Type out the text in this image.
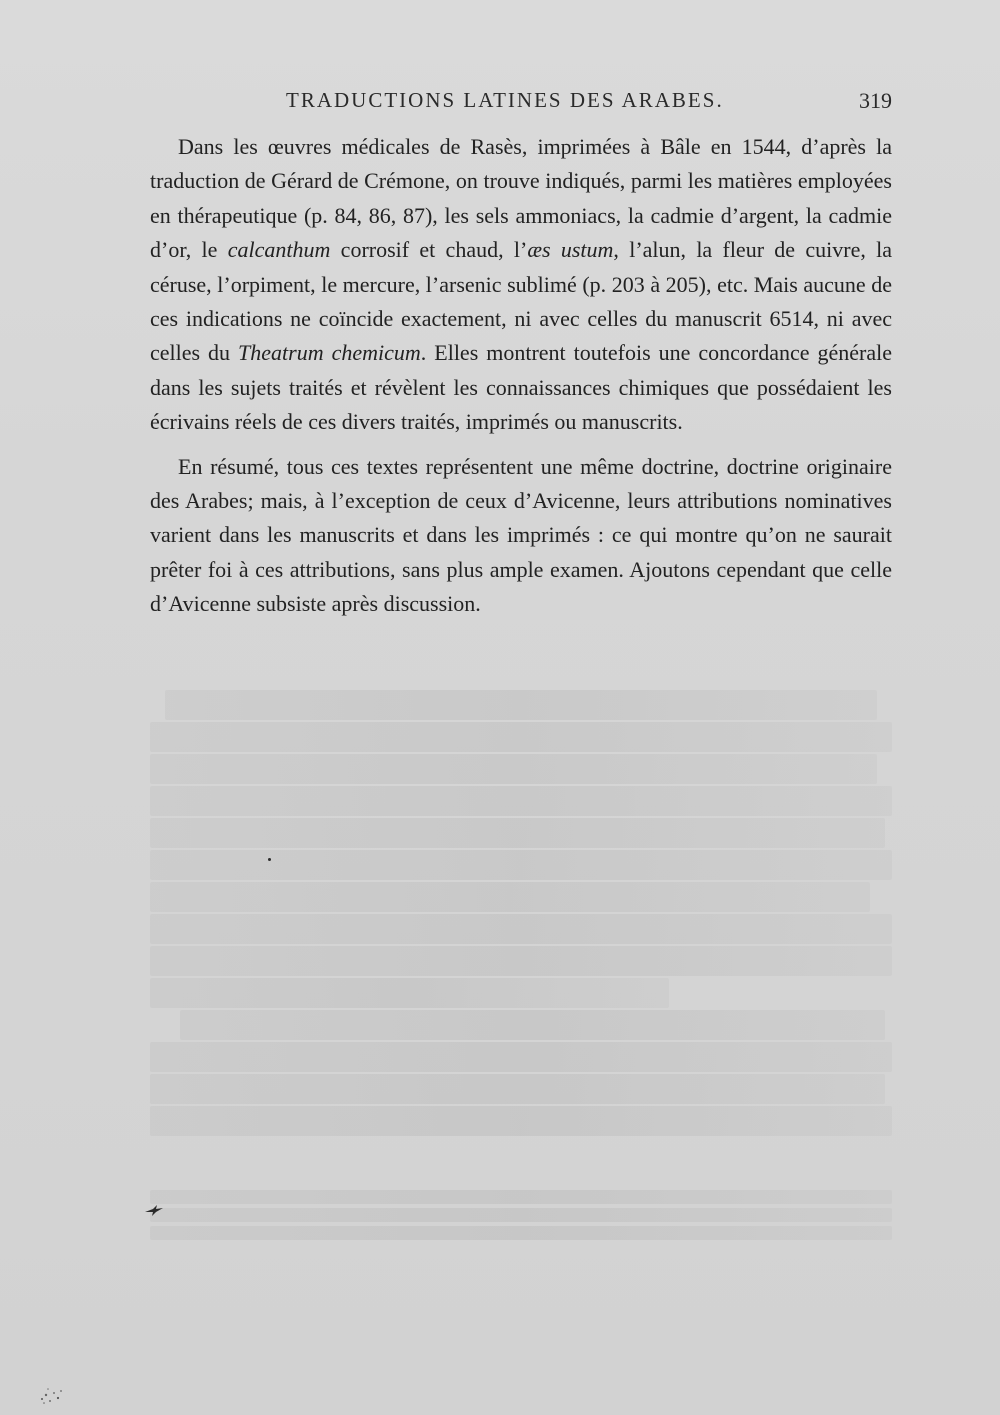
TRADUCTIONS LATINES DES ARABES.	319

Dans les œuvres médicales de Rasès, imprimées à Bâle en 1544, d’après la traduction de Gérard de Crémone, on trouve indiqués, parmi les matières employées en thérapeutique (p. 84, 86, 87), les sels ammoniacs, la cadmie d’argent, la cadmie d’or, le calcanthum corrosif et chaud, l’æs ustum, l’alun, la fleur de cuivre, la céruse, l’orpiment, le mercure, l’arsenic sublimé (p. 203 à 205), etc. Mais aucune de ces indications ne coïncide exactement, ni avec celles du manuscrit 6514, ni avec celles du Theatrum chemicum. Elles montrent toutefois une concordance générale dans les sujets traités et révèlent les connaissances chimiques que possédaient les écrivains réels de ces divers traités, imprimés ou manuscrits.

En résumé, tous ces textes représentent une même doctrine, doctrine originaire des Arabes; mais, à l’exception de ceux d’Avicenne, leurs attributions nominatives varient dans les manuscrits et dans les imprimés : ce qui montre qu’on ne saurait prêter foi à ces attributions, sans plus ample examen. Ajoutons cependant que celle d’Avicenne subsiste après discussion.
